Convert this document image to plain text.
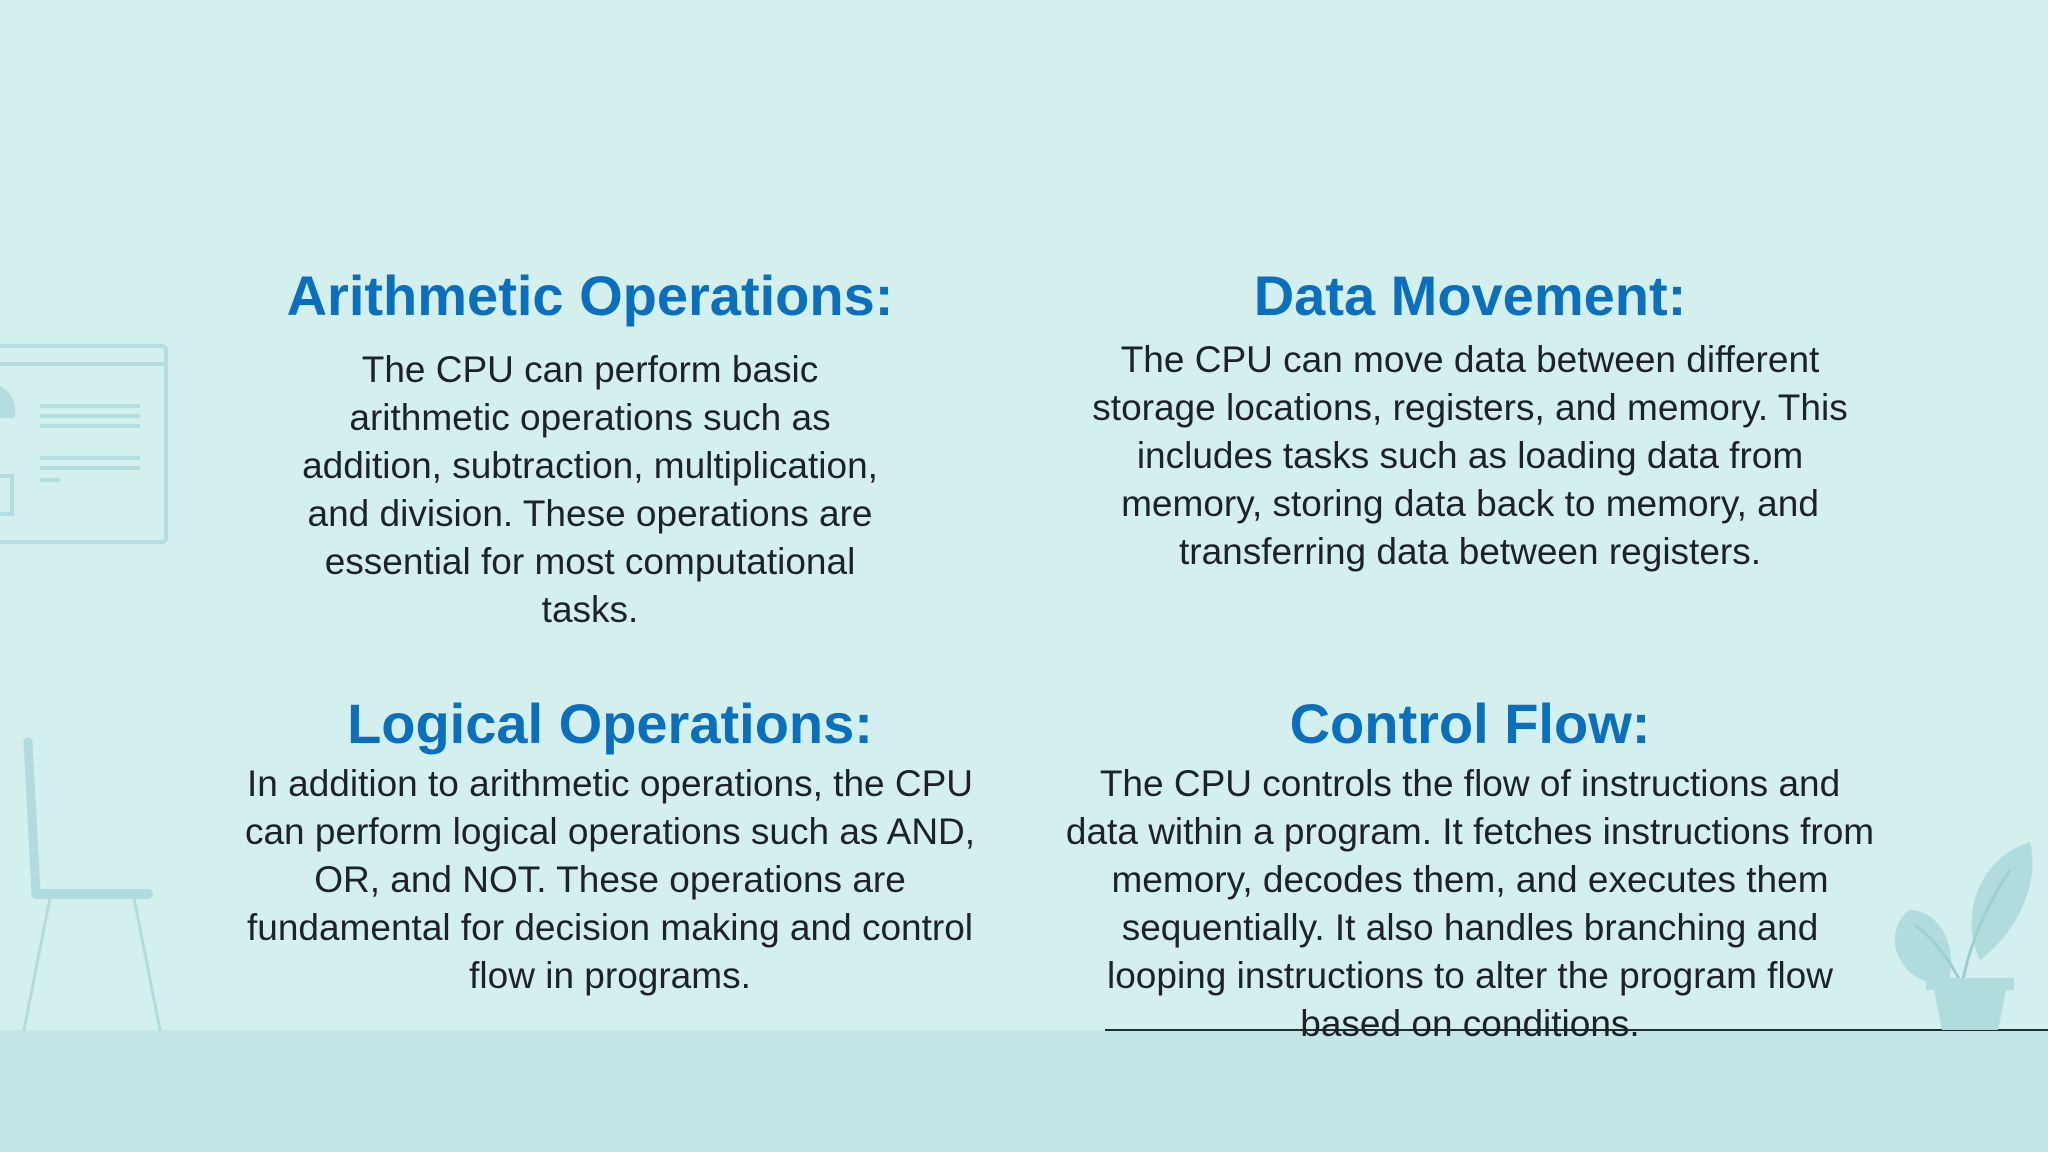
Arithmetic Operations:

The CPU can perform basic arithmetic operations such as addition, subtraction, multiplication, and division. These operations are essential for most computational tasks.

Data Movement:

The CPU can move data between different storage locations, registers, and memory. This includes tasks such as loading data from memory, storing data back to memory, and transferring data between registers.

Logical Operations:

In addition to arithmetic operations, the CPU can perform logical operations such as AND, OR, and NOT. These operations are fundamental for decision making and control flow in programs.

Control Flow:

The CPU controls the flow of instructions and data within a program. It fetches instructions from memory, decodes them, and executes them sequentially. It also handles branching and looping instructions to alter the program flow based on conditions.
